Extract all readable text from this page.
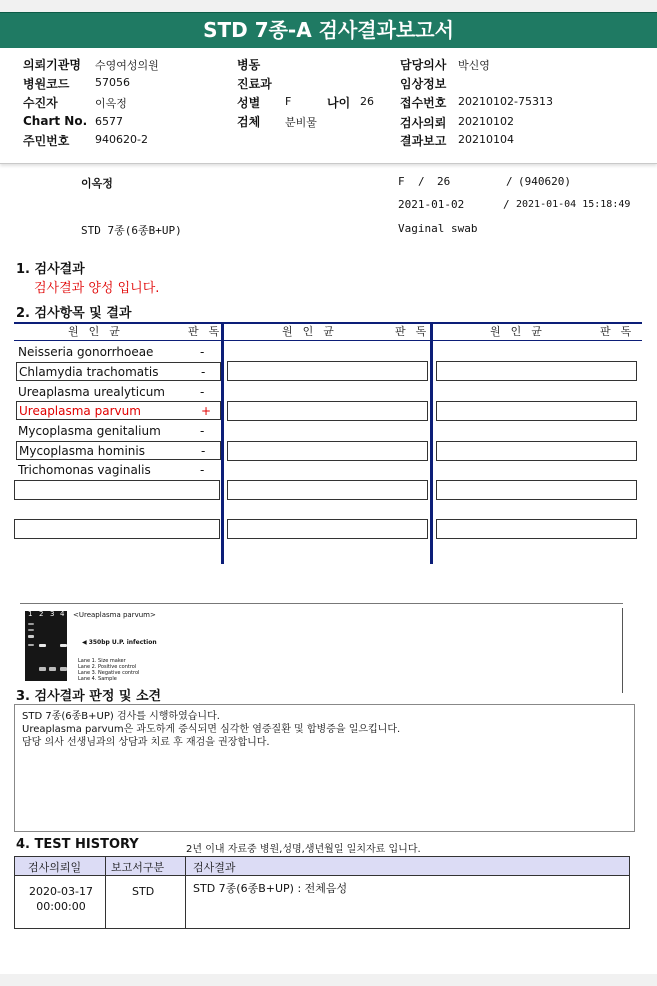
STD 7종-A 검사결과보고서
의뢰기관명 수영여성의원
병원코드 57056
수진자	이옥정
Chart No. 6577
주민번호 940620-2
병동
진료과
성별 F	나이 26
검체 분비물
담당의사 박신영
임상정보
접수번호 20210102-75313
검사의뢰 20210102
결과보고 20210104
이옥정	F / 26	/ (940620)
2021-01-02	/ 2021-01-04 15:18:49
STD 7종(6종B+UP)	Vaginal swab
1. 검사결과
검사결과 양성 입니다.
2. 검사항목 및 결과
원인균	판독	원인균	판독	원인균	판독
Neisseria gonorrhoeae	-
Chlamydia trachomatis	-
Ureaplasma urealyticum	-
Ureaplasma parvum	+
Mycoplasma genitalium	-
Mycoplasma hominis	-
Trichomonas vaginalis	-
1 2 3 4 <Ureaplasma parvum>
◀ 350bp U.P. infection
Lane 1. Size maker
Lane 2. Positive control
Lane 3. Negative control
Lane 4. Sample
3. 검사결과 판정 및 소견

STD 7종(6종B+UP) 검사를 시행하였습니다.

Ureaplasma parvum은 과도하게 증식되면 심각한 염증질환 및 합병증을 일으킵니다.

담당 의사 선생님과의 상담과 치료 후 재검을 권장합니다.

4. TEST HISTORY	2년 이내 자료중 병원,성명,생년월일 일치자료 입니다.
검사의뢰일	보고서구분	검사결과
2020-03-17
00:00:00
STD	STD 7종(6종B+UP) : 전체음성
